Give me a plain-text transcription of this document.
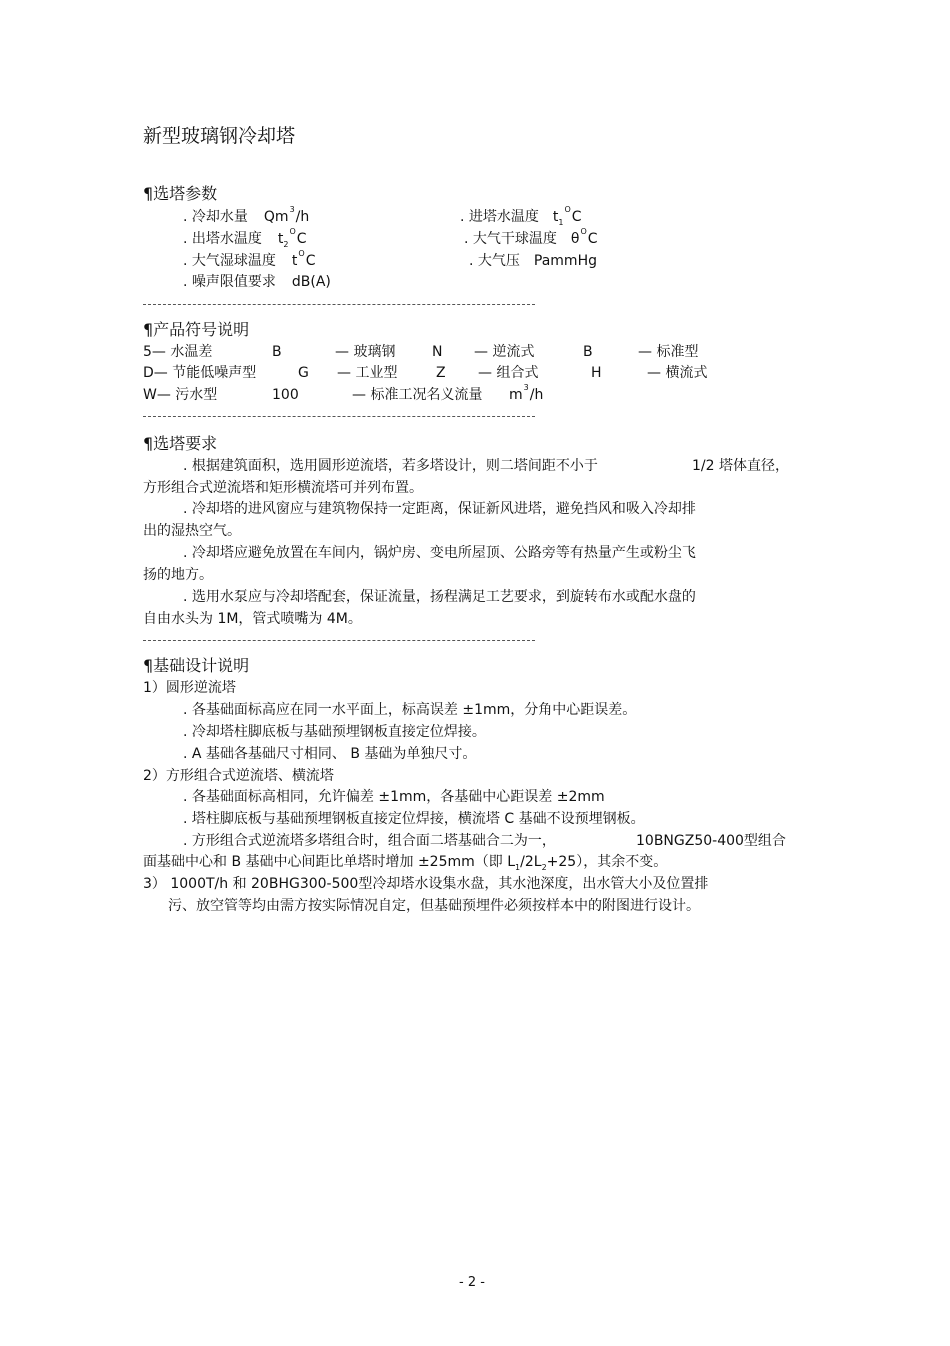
新型玻璃钢冷却塔
¶选塔参数
. 冷却水量 Qm$^3$/h	. 进塔水温度 $t_1^OC$
. 出塔水温度 $t_2^OC$	. 大气干球温度 $\theta^OC$
. 大气湿球温度 $t^OC$	. 大气压 PammHg
. 噪声限值要求 dB(A)
¶产品符号说明
5— 水温差	B	— 玻璃钢	N — 逆流式	B	— 标准型
D— 节能低噪声型	G — 工业型	Z — 组合式	H	— 横流式
W— 污水型	100	— 标准工况名义流量 $m^3/h$
¶选塔要求
. 根据建筑面积，选用圆形逆流塔，若多塔设计，则二塔间距不小于	1/2 塔体直径，
方形组合式逆流塔和矩形横流塔可并列布置。
. 冷却塔的进风窗应与建筑物保持一定距离，保证新风进塔，避免挡风和吸入冷却排
出的湿热空气。
. 冷却塔应避免放置在车间内，锅炉房、变电所屋顶、公路旁等有热量产生或粉尘飞
扬的地方。
. 选用水泵应与冷却塔配套，保证流量，扬程满足工艺要求，到旋转布水或配水盘的
自由水头为 1M，管式喷嘴为 4M。
¶基础设计说明
1）圆形逆流塔
. 各基础面标高应在同一水平面上，标高误差 ±1mm，分角中心距误差。
. 冷却塔柱脚底板与基础预埋钢板直接定位焊接。
. A 基础各基础尺寸相同、 B 基础为单独尺寸。
2）方形组合式逆流塔、横流塔
. 各基础面标高相同，允许偏差 ±1mm，各基础中心距误差 ±2mm
. 塔柱脚底板与基础预埋钢板直接定位焊接，横流塔 C 基础不设预埋钢板。
. 方形组合式逆流塔多塔组合时，组合面二塔基础合二为一，	10BNGZ50-400型组合
面基础中心和 B 基础中心间距比单塔时增加 ±25mm（即 $L_1/2L_2+25$），其余不变。
3） 1000T/h 和 20BHG300-500型冷却塔水设集水盘，其水池深度，出水管大小及位置排
污、放空管等均由需方按实际情况自定，但基础预埋件必须按样本中的附图进行设计。
- 2 -
